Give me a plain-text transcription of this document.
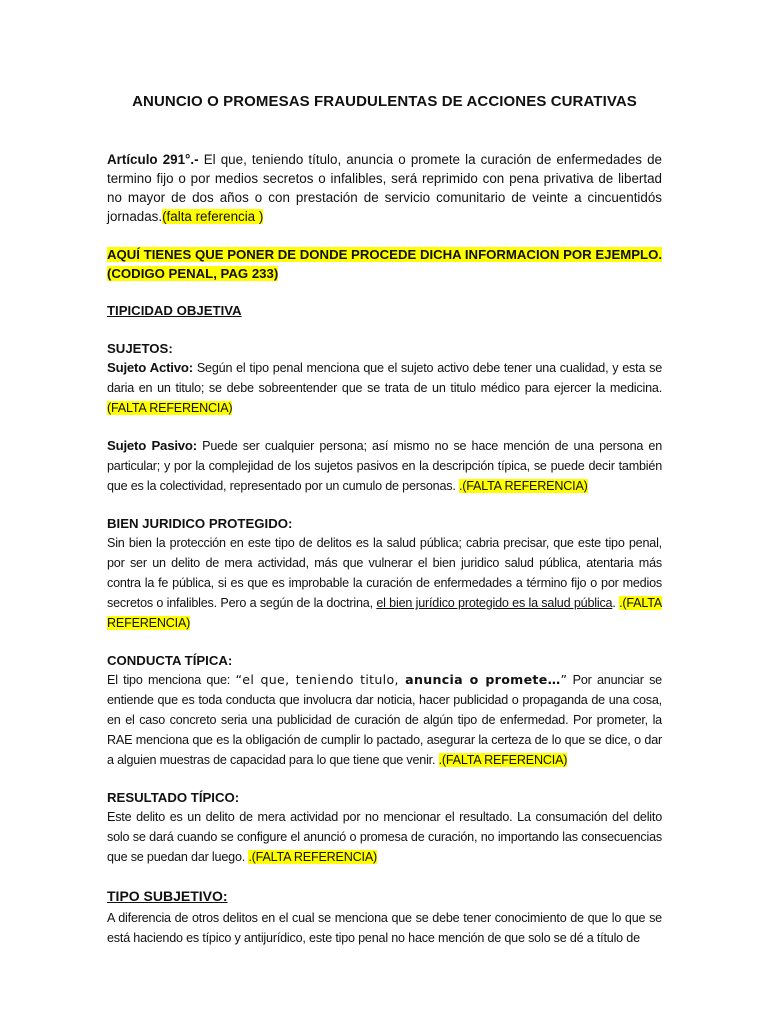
ANUNCIO O PROMESAS FRAUDULENTAS DE ACCIONES CURATIVAS

Artículo 291°.- El que, teniendo título, anuncia o promete la curación de enfermedades de termino fijo o por medios secretos o infalibles, será reprimido con pena privativa de libertad no mayor de dos años o con prestación de servicio comunitario de veinte a cincuentidós jornadas.(falta referencia )

AQUÍ TIENES QUE PONER DE DONDE PROCEDE DICHA INFORMACION POR EJEMPLO. (CODIGO PENAL, PAG 233)

TIPICIDAD OBJETIVA

SUJETOS:

Sujeto Activo: Según el tipo penal menciona que el sujeto activo debe tener una cualidad, y esta se daria en un titulo; se debe sobreentender que se trata de un titulo médico para ejercer la medicina.(FALTA REFERENCIA)

Sujeto Pasivo: Puede ser cualquier persona; así mismo no se hace mención de una persona en particular; y por la complejidad de los sujetos pasivos en la descripción típica, se puede decir también que es la colectividad, representado por un cumulo de personas. .(FALTA REFERENCIA)

BIEN JURIDICO PROTEGIDO:

Sin bien la protección en este tipo de delitos es la salud pública; cabria precisar, que este tipo penal, por ser un delito de mera actividad, más que vulnerar el bien juridico salud pública, atentaria más contra la fe pública, si es que es improbable la curación de enfermedades a término fijo o por medios secretos o infalibles. Pero a según de la doctrina, el bien jurídico protegido es la salud pública. .(FALTA REFERENCIA)

CONDUCTA TÍPICA:

El tipo menciona que: “el que, teniendo titulo, anuncia o promete…” Por anunciar se entiende que es toda conducta que involucra dar noticia, hacer publicidad o propaganda de una cosa, en el caso concreto seria una publicidad de curación de algún tipo de enfermedad. Por prometer, la RAE menciona que es la obligación de cumplir lo pactado, asegurar la certeza de lo que se dice, o dar a alguien muestras de capacidad para lo que tiene que venir. .(FALTA REFERENCIA)

RESULTADO TÍPICO:

Este delito es un delito de mera actividad por no mencionar el resultado. La consumación del delito solo se dará cuando se configure el anunció o promesa de curación, no importando las consecuencias que se puedan dar luego. .(FALTA REFERENCIA)

TIPO SUBJETIVO:

A diferencia de otros delitos en el cual se menciona que se debe tener conocimiento de que lo que se está haciendo es típico y antijurídico, este tipo penal no hace mención de que solo se dé a título de
